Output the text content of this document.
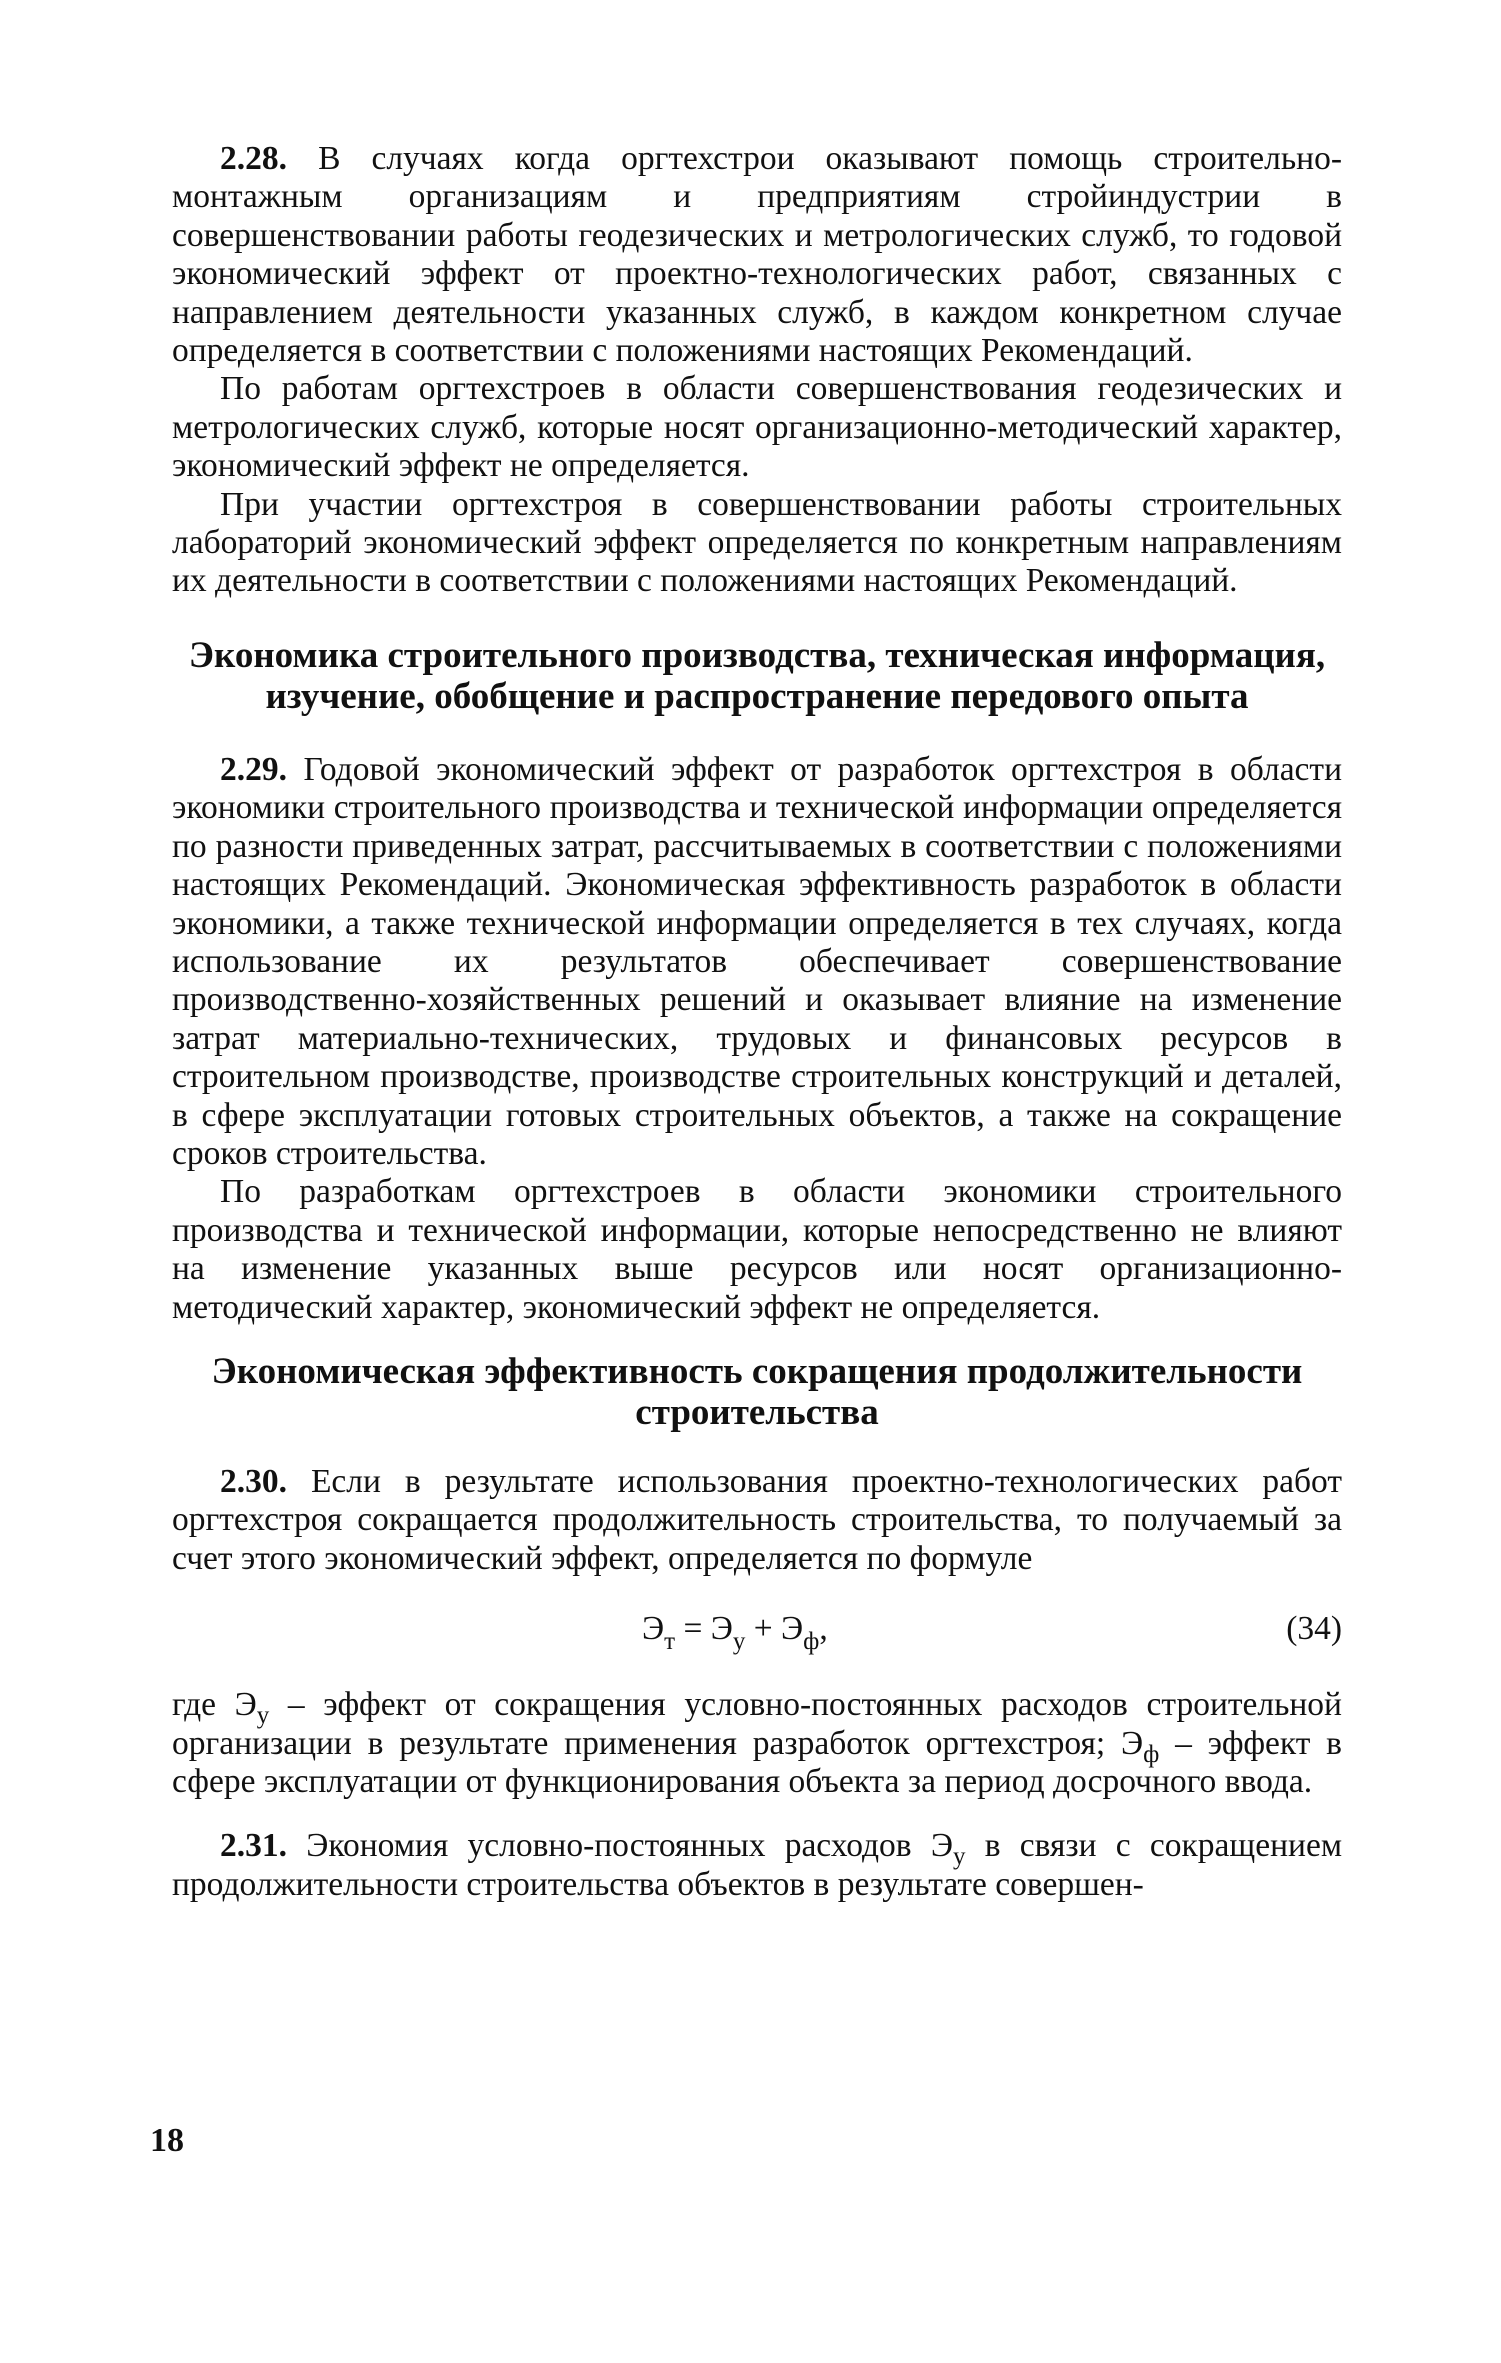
2.28. В случаях когда оргтехстрои оказывают помощь строительно-монтажным организациям и предприятиям стройиндустрии в совершенствовании работы геодезических и метрологических служб, то годовой экономический эффект от проектно-технологических работ, связанных с направлением деятельности указанных служб, в каждом конкретном случае определяется в соответствии с положениями настоящих Рекомендаций.

По работам оргтехстроев в области совершенствования геодезических и метрологических служб, которые носят организационно-методический характер, экономический эффект не определяется.

При участии оргтехстроя в совершенствовании работы строительных лабораторий экономический эффект определяется по конкретным направлениям их деятельности в соответствии с положениями настоящих Рекомендаций.

Экономика строительного производства, техническая информация, изучение, обобщение и распространение передового опыта

2.29. Годовой экономический эффект от разработок оргтехстроя в области экономики строительного производства и технической информации определяется по разности приведенных затрат, рассчитываемых в соответствии с положениями настоящих Рекомендаций. Экономическая эффективность разработок в области экономики, а также технической информации определяется в тех случаях, когда использование их результатов обеспечивает совершенствование производственно-хозяйственных решений и оказывает влияние на изменение затрат материально-технических, трудовых и финансовых ресурсов в строительном производстве, производстве строительных конструкций и деталей, в сфере эксплуатации готовых строительных объектов, а также на сокращение сроков строительства.

По разработкам оргтехстроев в области экономики строительного производства и технической информации, которые непосредственно не влияют на изменение указанных выше ресурсов или носят организационно-методический характер, экономический эффект не определяется.

Экономическая эффективность сокращения продолжительности строительства

2.30. Если в результате использования проектно-технологических работ оргтехстроя сокращается продолжительность строительства, то получаемый за счет этого экономический эффект, определяется по формуле

$Э_т = Э_у + Э_ф$,	(34)

где $Э_у$ – эффект от сокращения условно-постоянных расходов строительной организации в результате применения разработок оргтехстроя; $Э_ф$ – эффект в сфере эксплуатации от функционирования объекта за период досрочного ввода.

2.31. Экономия условно-постоянных расходов $Э_у$ в связи с сокращением продолжительности строительства объектов в результате совершен-

18
